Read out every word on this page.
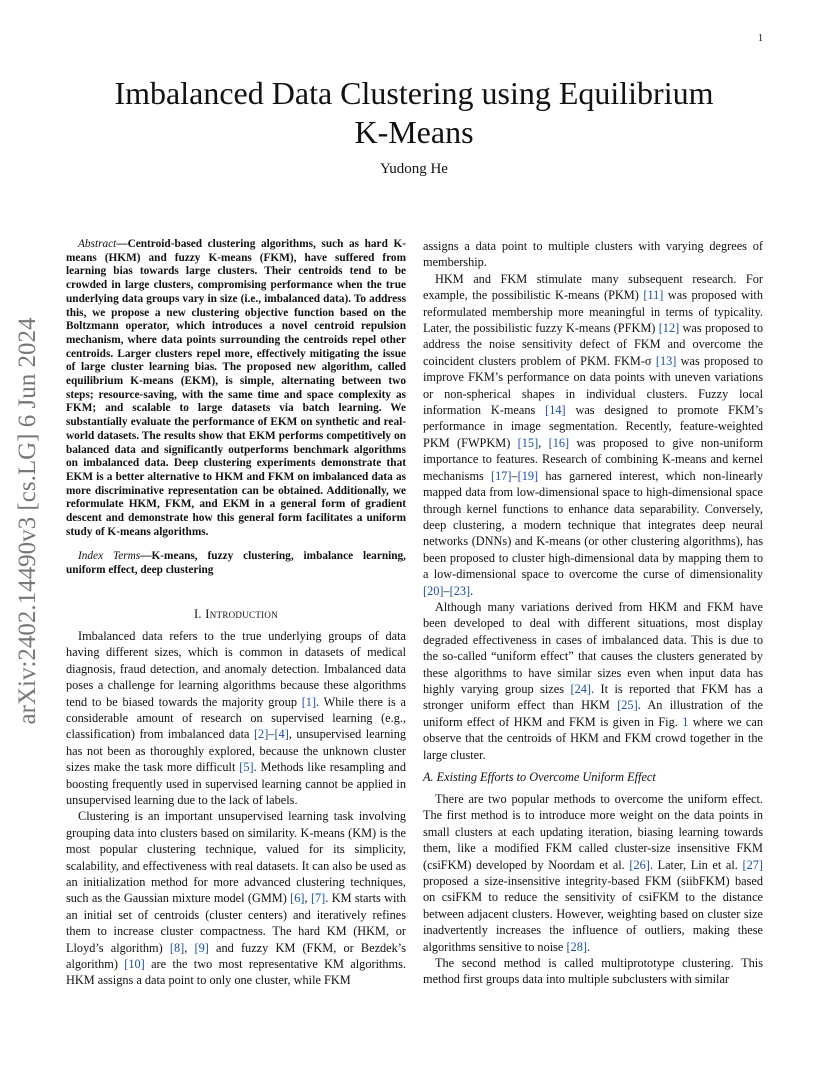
1
arXiv:2402.14490v3 [cs.LG] 6 Jun 2024
Imbalanced Data Clustering using Equilibrium
K-Means
Yudong He

Abstract—Centroid-based clustering algorithms, such as hard K-means (HKM) and fuzzy K-means (FKM), have suffered from learning bias towards large clusters. Their centroids tend to be crowded in large clusters, compromising performance when the true underlying data groups vary in size (i.e., imbalanced data). To address this, we propose a new clustering objective function based on the Boltzmann operator, which introduces a novel centroid repulsion mechanism, where data points surrounding the centroids repel other centroids. Larger clusters repel more, effectively mitigating the issue of large cluster learning bias. The proposed new algorithm, called equilibrium K-means (EKM), is simple, alternating between two steps; resource-saving, with the same time and space complexity as FKM; and scalable to large datasets via batch learning. We substantially evaluate the performance of EKM on synthetic and real-world datasets. The results show that EKM performs competitively on balanced data and significantly outperforms benchmark algorithms on imbalanced data. Deep clustering experiments demonstrate that EKM is a better alternative to HKM and FKM on imbalanced data as more discriminative representation can be obtained. Additionally, we reformulate HKM, FKM, and EKM in a general form of gradient descent and demonstrate how this general form facilitates a uniform study of K-means algorithms.

Index Terms—K-means, fuzzy clustering, imbalance learning, uniform effect, deep clustering

I. Introduction

Imbalanced data refers to the true underlying groups of data having different sizes, which is common in datasets of medical diagnosis, fraud detection, and anomaly detection. Imbalanced data poses a challenge for learning algorithms because these algorithms tend to be biased towards the majority group [1]. While there is a considerable amount of research on supervised learning (e.g., classification) from imbalanced data [2]–[4], unsupervised learning has not been as thoroughly explored, because the unknown cluster sizes make the task more difficult [5]. Methods like resampling and boosting frequently used in supervised learning cannot be applied in unsupervised learning due to the lack of labels.

Clustering is an important unsupervised learning task involving grouping data into clusters based on similarity. K-means (KM) is the most popular clustering technique, valued for its simplicity, scalability, and effectiveness with real datasets. It can also be used as an initialization method for more advanced clustering techniques, such as the Gaussian mixture model (GMM) [6], [7]. KM starts with an initial set of centroids (cluster centers) and iteratively refines them to increase cluster compactness. The hard KM (HKM, or Lloyd’s algorithm) [8], [9] and fuzzy KM (FKM, or Bezdek’s algorithm) [10] are the two most representative KM algorithms. HKM assigns a data point to only one cluster, while FKM

assigns a data point to multiple clusters with varying degrees of membership.

HKM and FKM stimulate many subsequent research. For example, the possibilistic K-means (PKM) [11] was proposed with reformulated membership more meaningful in terms of typicality. Later, the possibilistic fuzzy K-means (PFKM) [12] was proposed to address the noise sensitivity defect of FKM and overcome the coincident clusters problem of PKM. FKM-σ [13] was proposed to improve FKM’s performance on data points with uneven variations or non-spherical shapes in individual clusters. Fuzzy local information K-means [14] was designed to promote FKM’s performance in image segmentation. Recently, feature-weighted PKM (FWPKM) [15], [16] was proposed to give non-uniform importance to features. Research of combining K-means and kernel mechanisms [17]–[19] has garnered interest, which non-linearly mapped data from low-dimensional space to high-dimensional space through kernel functions to enhance data separability. Conversely, deep clustering, a modern technique that integrates deep neural networks (DNNs) and K-means (or other clustering algorithms), has been proposed to cluster high-dimensional data by mapping them to a low-dimensional space to overcome the curse of dimensionality [20]–[23].

Although many variations derived from HKM and FKM have been developed to deal with different situations, most display degraded effectiveness in cases of imbalanced data. This is due to the so-called “uniform effect” that causes the clusters generated by these algorithms to have similar sizes even when input data has highly varying group sizes [24]. It is reported that FKM has a stronger uniform effect than HKM [25]. An illustration of the uniform effect of HKM and FKM is given in Fig. 1 where we can observe that the centroids of HKM and FKM crowd together in the large cluster.

A. Existing Efforts to Overcome Uniform Effect

There are two popular methods to overcome the uniform effect. The first method is to introduce more weight on the data points in small clusters at each updating iteration, biasing learning towards them, like a modified FKM called cluster-size insensitive FKM (csiFKM) developed by Noordam et al. [26]. Later, Lin et al. [27] proposed a size-insensitive integrity-based FKM (siibFKM) based on csiFKM to reduce the sensitivity of csiFKM to the distance between adjacent clusters. However, weighting based on cluster size inadvertently increases the influence of outliers, making these algorithms sensitive to noise [28].

The second method is called multiprototype clustering. This method first groups data into multiple subclusters with similar
